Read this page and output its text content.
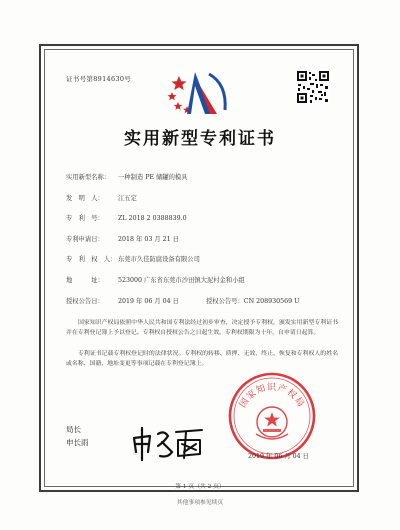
证书号第8914630号
实用新型专利证书
实用新型名称： 一种制造 PE 储罐的模具
发　明　人： 江五定
专　利　号： ZL 2018 2 0388839.0
专利申请日： 2018 年 03 月 21 日
专　利　权　人： 东莞市久佳防腐设备有限公司
地　　　址： 523000 广东省东莞市沙田镇大泥村金和小组
授权公告日： 2019 年 06 月 04 日	授权公告号：CN 208930569 U
国家知识产权局依照中华人民共和国专利法经过初步审查，决定授予专利权，颁发实用新型专利证书并在专利登记簿上予以登记。专利权自授权公告之日起生效。专利权期限为十年，自申请日起算。
专利证书记载专利权登记时的法律状况。专利权的转移、质押、无效、终止、恢复和专利权人的姓名或名称、国籍、地址变更等事项记载在专利登记簿上。
国家知识产权局
局长
申长雨
2019 年 06 月 04 日
第 1 页（共 2 页）
其他事项参见续页
